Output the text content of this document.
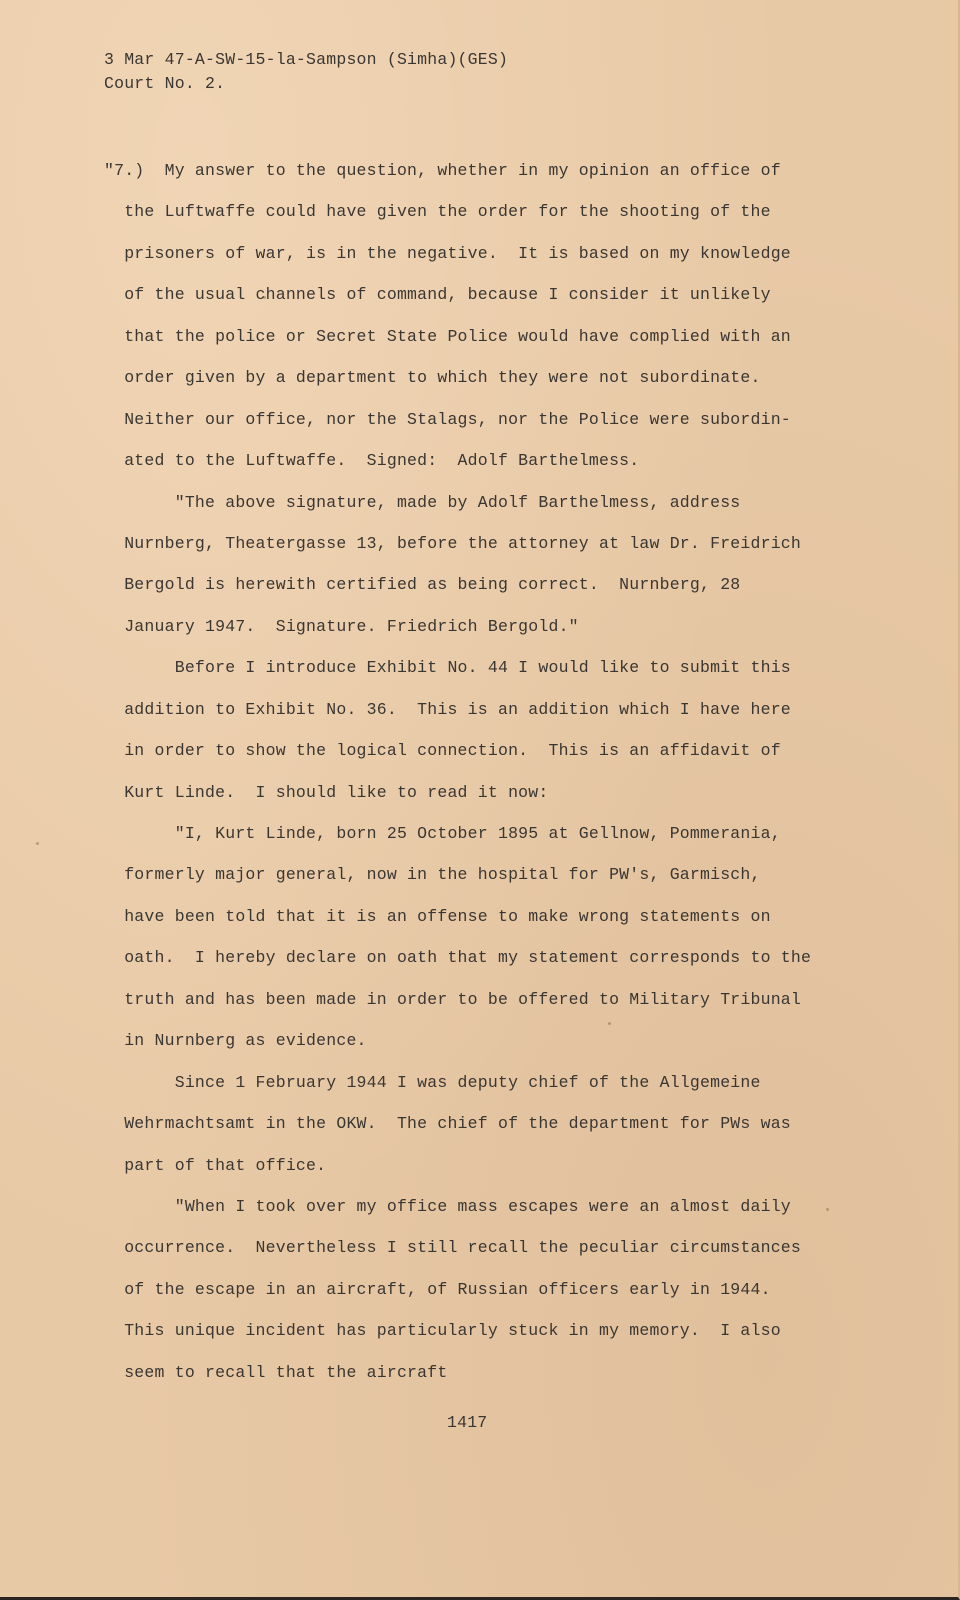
3 Mar 47-A-SW-15-la-Sampson (Simha)(GES)
Court No. 2.
"7.)  My answer to the question, whether in my opinion an office of
the Luftwaffe could have given the order for the shooting of the
prisoners of war, is in the negative.  It is based on my knowledge
of the usual channels of command, because I consider it unlikely
that the police or Secret State Police would have complied with an
order given by a department to which they were not subordinate.
Neither our office, nor the Stalags, nor the Police were subordin-
ated to the Luftwaffe.  Signed:  Adolf Barthelmess.
"The above signature, made by Adolf Barthelmess, address
Nurnberg, Theatergasse 13, before the attorney at law Dr. Freidrich
Bergold is herewith certified as being correct.  Nurnberg, 28
January 1947.  Signature. Friedrich Bergold."
Before I introduce Exhibit No. 44 I would like to submit this
addition to Exhibit No. 36.  This is an addition which I have here
in order to show the logical connection.  This is an affidavit of
Kurt Linde.  I should like to read it now:
"I, Kurt Linde, born 25 October 1895 at Gellnow, Pommerania,
formerly major general, now in the hospital for PW's, Garmisch,
have been told that it is an offense to make wrong statements on
oath.  I hereby declare on oath that my statement corresponds to the
truth and has been made in order to be offered to Military Tribunal
in Nurnberg as evidence.
Since 1 February 1944 I was deputy chief of the Allgemeine
Wehrmachtsamt in the OKW.  The chief of the department for PWs was
part of that office.
"When I took over my office mass escapes were an almost daily
occurrence.  Nevertheless I still recall the peculiar circumstances
of the escape in an aircraft, of Russian officers early in 1944.
This unique incident has particularly stuck in my memory.  I also
seem to recall that the aircraft
1417
